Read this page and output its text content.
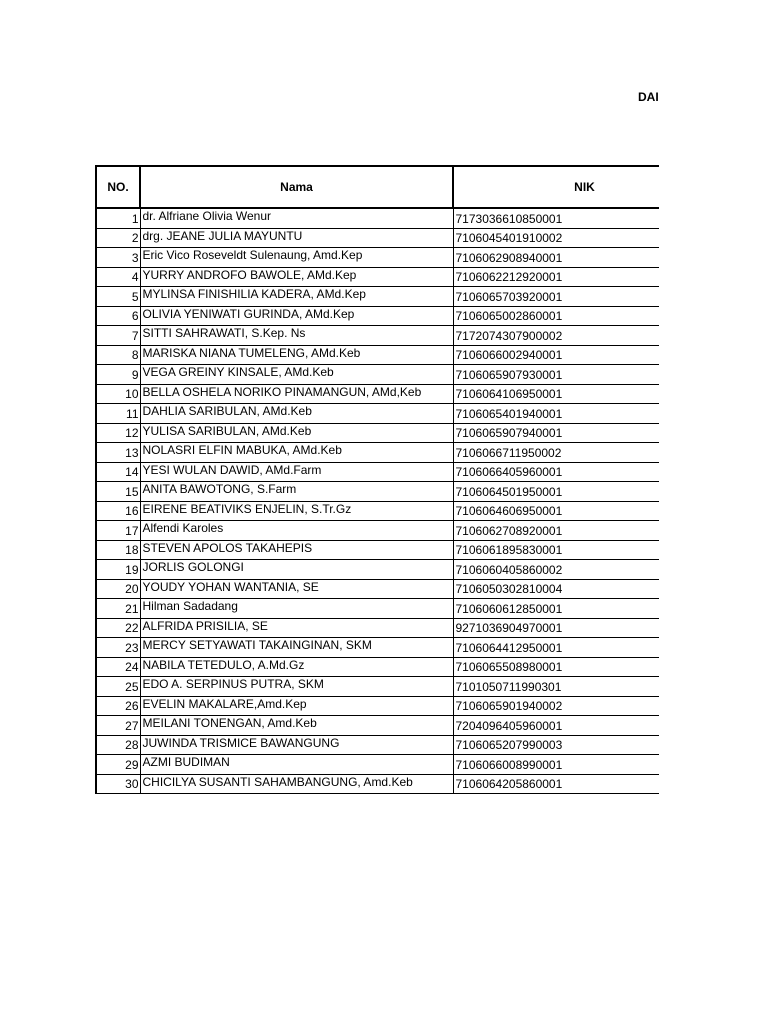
DAI
NO.	Nama	NIK
1	dr. Alfriane Olivia Wenur	7173036610850001
2	drg. JEANE JULIA MAYUNTU	7106045401910002
3	Eric Vico Roseveldt Sulenaung, Amd.Kep	7106062908940001
4	YURRY ANDROFO BAWOLE, AMd.Kep	7106062212920001
5	MYLINSA FINISHILIA KADERA, AMd.Kep	7106065703920001
6	OLIVIA YENIWATI GURINDA, AMd.Kep	7106065002860001
7	SITTI SAHRAWATI, S.Kep. Ns	7172074307900002
8	MARISKA NIANA TUMELENG, AMd.Keb	7106066002940001
9	VEGA GREINY KINSALE, AMd.Keb	7106065907930001
10	BELLA OSHELA NORIKO PINAMANGUN, AMd,Keb	7106064106950001
11	DAHLIA SARIBULAN, AMd.Keb	7106065401940001
12	YULISA SARIBULAN, AMd.Keb	7106065907940001
13	NOLASRI ELFIN MABUKA, AMd.Keb	7106066711950002
14	YESI WULAN DAWID, AMd.Farm	7106066405960001
15	ANITA BAWOTONG, S.Farm	7106064501950001
16	EIRENE BEATIVIKS ENJELIN, S.Tr.Gz	7106064606950001
17	Alfendi Karoles	7106062708920001
18	STEVEN APOLOS TAKAHEPIS	7106061895830001
19	JORLIS GOLONGI	7106060405860002
20	YOUDY YOHAN WANTANIA, SE	7106050302810004
21	Hilman Sadadang	7106060612850001
22	ALFRIDA PRISILIA, SE	9271036904970001
23	MERCY SETYAWATI TAKAINGINAN, SKM	7106064412950001
24	NABILA TETEDULO, A.Md.Gz	7106065508980001
25	EDO A. SERPINUS PUTRA, SKM	7101050711990301
26	EVELIN MAKALARE,Amd.Kep	7106065901940002
27	MEILANI TONENGAN, Amd.Keb	7204096405960001
28	JUWINDA TRISMICE BAWANGUNG	7106065207990003
29	AZMI BUDIMAN	7106066008990001
30	CHICILYA SUSANTI SAHAMBANGUNG, Amd.Keb	7106064205860001
